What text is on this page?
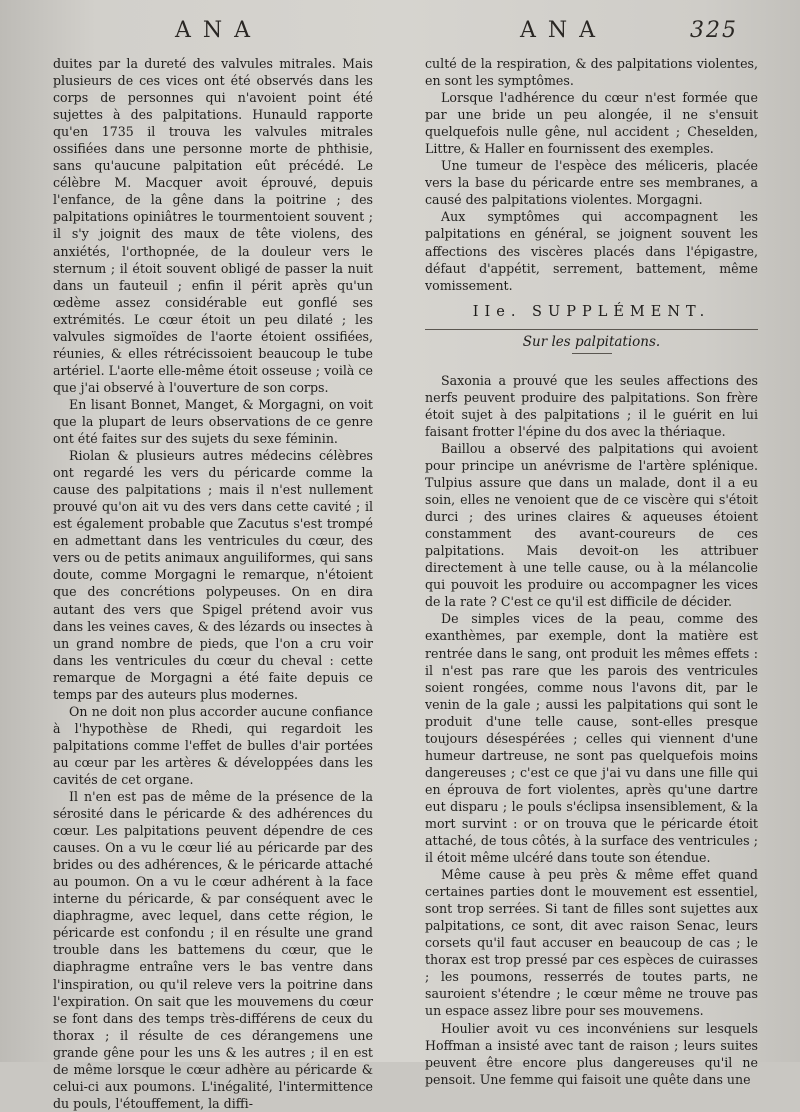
ANA	ANA	325

duites par la dureté des valvules mitrales. Mais plusieurs de ces vices ont été observés dans les corps de personnes qui n'avoient point été sujettes à des palpitations. Hunauld rapporte qu'en 1735 il trouva les valvules mitrales ossifiées dans une personne morte de phthisie, sans qu'aucune palpitation eût précédé. Le célèbre M. Macquer avoit éprouvé, depuis l'enfance, de la gêne dans la poitrine ; des palpitations opiniâtres le tourmentoient souvent ; il s'y joignit des maux de tête violens, des anxiétés, l'orthopnée, de la douleur vers le sternum ; il étoit souvent obligé de passer la nuit dans un fauteuil ; enfin il périt après qu'un œdème assez considérable eut gonflé ses extrémités. Le cœur étoit un peu dilaté ; les valvules sigmoïdes de l'aorte étoient ossifiées, réunies, & elles rétrécissoient beaucoup le tube artériel. L'aorte elle-même étoit osseuse ; voilà ce que j'ai observé à l'ouverture de son corps.

En lisant Bonnet, Manget, & Morgagni, on voit que la plupart de leurs observations de ce genre ont été faites sur des sujets du sexe féminin.

Riolan & plusieurs autres médecins célèbres ont regardé les vers du péricarde comme la cause des palpitations ; mais il n'est nullement prouvé qu'on ait vu des vers dans cette cavité ; il est également probable que Zacutus s'est trompé en admettant dans les ventricules du cœur, des vers ou de petits animaux anguiliformes, qui sans doute, comme Morgagni le remarque, n'étoient que des concrétions polypeuses. On en dira autant des vers que Spigel prétend avoir vus dans les veines caves, & des lézards ou insectes à un grand nombre de pieds, que l'on a cru voir dans les ventricules du cœur du cheval : cette remarque de Morgagni a été faite depuis ce temps par des auteurs plus modernes.

On ne doit non plus accorder aucune confiance à l'hypothèse de Rhedi, qui regardoit les palpitations comme l'effet de bulles d'air portées au cœur par les artères & développées dans les cavités de cet organe.

Il n'en est pas de même de la présence de la sérosité dans le péricarde & des adhérences du cœur. Les palpitations peuvent dépendre de ces causes. On a vu le cœur lié au péricarde par des brides ou des adhérences, & le péricarde attaché au poumon. On a vu le cœur adhérent à la face interne du péricarde, & par conséquent avec le diaphragme, avec lequel, dans cette région, le péricarde est confondu ; il en résulte une grand trouble dans les battemens du cœur, que le diaphragme entraîne vers le bas ventre dans l'inspiration, ou qu'il releve vers la poitrine dans l'expiration. On sait que les mouvemens du cœur se font dans des temps très-différens de ceux du thorax ; il résulte de ces dérangemens une grande gêne pour les uns & les autres ; il en est de même lorsque le cœur adhère au péricarde & celui-ci aux poumons. L'inégalité, l'intermittence du pouls, l'étouffement, la diffi-

culté de la respiration, & des palpitations violentes, en sont les symptômes.

Lorsque l'adhérence du cœur n'est formée que par une bride un peu alongée, il ne s'ensuit quelquefois nulle gêne, nul accident ; Cheselden, Littre, & Haller en fournissent des exemples.

Une tumeur de l'espèce des méliceris, placée vers la base du péricarde entre ses membranes, a causé des palpitations violentes. Morgagni.

Aux symptômes qui accompagnent les palpitations en général, se joignent souvent les affections des viscères placés dans l'épigastre, défaut d'appétit, serrement, battement, même vomissement.

IIe. SUPPLÉMENT.
Sur les palpitations.

Saxonia a prouvé que les seules affections des nerfs peuvent produire des palpitations. Son frère étoit sujet à des palpitations ; il le guérit en lui faisant frotter l'épine du dos avec la thériaque.

Baillou a observé des palpitations qui avoient pour principe un anévrisme de l'artère splénique. Tulpius assure que dans un malade, dont il a eu soin, elles ne venoient que de ce viscère qui s'étoit durci ; des urines claires & aqueuses étoient constamment des avant-coureurs de ces palpitations. Mais devoit-on les attribuer directement à une telle cause, ou à la mélancolie qui pouvoit les produire ou accompagner les vices de la rate ? C'est ce qu'il est difficile de décider.

De simples vices de la peau, comme des exanthèmes, par exemple, dont la matière est rentrée dans le sang, ont produit les mêmes effets : il n'est pas rare que les parois des ventricules soient rongées, comme nous l'avons dit, par le venin de la gale ; aussi les palpitations qui sont le produit d'une telle cause, sont-elles presque toujours désespérées ; celles qui viennent d'une humeur dartreuse, ne sont pas quelquefois moins dangereuses ; c'est ce que j'ai vu dans une fille qui en éprouva de fort violentes, après qu'une dartre eut disparu ; le pouls s'éclipsa insensiblement, & la mort survint : or on trouva que le péricarde étoit attaché, de tous côtés, à la surface des ventricules ; il étoit même ulcéré dans toute son étendue.

Même cause à peu près & même effet quand certaines parties dont le mouvement est essentiel, sont trop serrées. Si tant de filles sont sujettes aux palpitations, ce sont, dit avec raison Senac, leurs corsets qu'il faut accuser en beaucoup de cas ; le thorax est trop pressé par ces espèces de cuirasses ; les poumons, resserrés de toutes parts, ne sauroient s'étendre ; le cœur même ne trouve pas un espace assez libre pour ses mouvemens.

Houlier avoit vu ces inconvéniens sur lesquels Hoffman a insisté avec tant de raison ; leurs suites peuvent être encore plus dangereuses qu'il ne pensoit. Une femme qui faisoit une quête dans une
